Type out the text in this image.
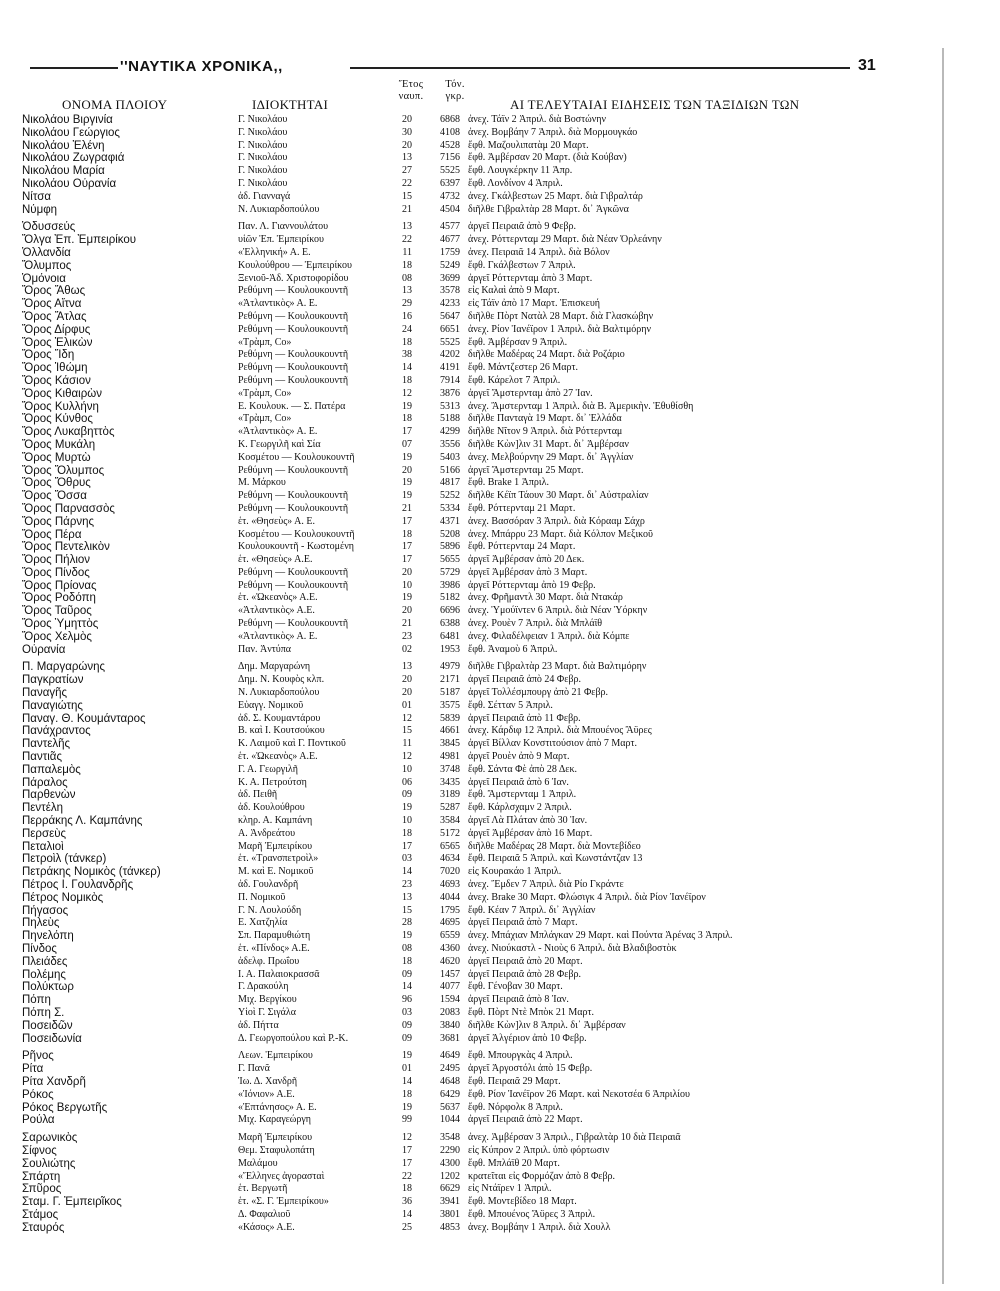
''ΝΑΥΤΙΚΑ ΧΡΟΝΙΚΑ,,	31
ΟΝΟΜΑ ΠΛΟΙΟΥ	ΙΔΙΟΚΤΗΤΑΙ
Ἔτος
ναυπ.
Τόν.
γκρ.
ΑΙ ΤΕΛΕΥΤΑΙΑΙ ΕΙΔΗΣΕΙΣ ΤΩΝ ΤΑΞΙΔΙΩΝ ΤΩΝ
Νικολάου Βιργινία	Γ. Νικολάου	20	6868 ἀνεχ. Τάϊν 2 Ἀπριλ. διὰ Βοστώνην
Νικολάου Γεώργιος	Γ. Νικολάου	30	4108 ἀνεχ. Βομβάην 7 Ἀπριλ. διὰ Μορμουγκάο
Νικολάου Ἑλένη	Γ. Νικολάου	20	4528 ἔφθ. Μαζουλιπατὰμ 20 Μαρτ.
Νικολάου Ζωγραφιά	Γ. Νικολάου	13	7156 ἔφθ. Ἀμβέρσαν 20 Μαρτ. (διὰ Κούβαν)
Νικολάου Μαρία	Γ. Νικολάου	27	5525 ἔφθ. Λουγκέρκην 11 Ἀπρ.
Νικολάου Οὐρανία	Γ. Νικολάου	22	6397 ἔφθ. Λονδίνον 4 Ἀπριλ.
Νίτσα	ἀδ. Γιανναγά	15	4732 ἀνεχ. Γκάλβεστων 25 Μαρτ. διὰ Γιβραλτάρ
Νύμφη	Ν. Λυκιαρδοπούλου	21	4504 διῆλθε Γιβραλτὰρ 28 Μαρτ. δι᾽ Ἀγκῶνα
Ὀδυσσεύς	Παν. Λ. Γιαννουλάτου	13	4577 ἀργεῖ Πειραιᾶ ἀπὸ 9 Φεβρ.
Ὄλγα Ἐπ. Ἐμπειρίκου	υἱῶν Ἐπ. Ἐμπειρίκου	22	4677 ἀνεχ. Ρόττερνταμ 29 Μαρτ. διὰ Νέαν Ὀρλεάνην
Ὀλλανδία	«Ἑλληνική» Α. Ε.	11	1759 ἀνεχ. Πειραιᾶ 14 Ἀπριλ. διὰ Βόλον
Ὄλυμπος	Κουλούθρου — Ἐμπειρίκου	18	5249 ἔφθ. Γκάλβεστων 7 Ἀπριλ.
Ὁμόνοια	Ξενιοῦ-Ἀδ. Χριστοφορίδου	08	3699 ἀργεῖ Ρόττερνταμ ἀπὸ 3 Μαρτ.
Ὄρος Ἄθως	Ρεθύμνη — Κουλουκουντῆ	13	3578 εἰς Καλαὶ ἀπὸ 9 Μαρτ.
Ὄρος Αἴτνα	«Ἀτλαντικὸς» Α. Ε.	29	4233 εἰς Τάϊν ἀπὸ 17 Μαρτ. Ἐπισκευή
Ὄρος Ἄτλας	Ρεθύμνη — Κουλουκουντῆ	16	5647 διῆλθε Πὸρτ Νατὰλ 28 Μαρτ. διὰ Γλασκώβην
Ὄρος Δίρφυς	Ρεθύμνη — Κουλουκουντῆ	24	6651 ἀνεχ. Ρίον Ἰανέϊρον 1 Ἀπριλ. διὰ Βαλτιμόρην
Ὄρος Ἑλικὼν	«Τρὰμπ, Co»	18	5525 ἔφθ. Ἀμβέρσαν 9 Ἀπριλ.
Ὄρος Ἴδη	Ρεθύμνη — Κουλουκουντῆ	38	4202 διῆλθε Μαδέρας 24 Μαρτ. διὰ Ροζάριο
Ὄρος Ἰθώμη	Ρεθύμνη — Κουλουκουντῆ	14	4191 ἔφθ. Μάντζεστερ 26 Μαρτ.
Ὄρος Κάσιον	Ρεθύμνη — Κουλουκουντῆ	18	7914 ἔφθ. Κάρελοτ 7 Ἀπριλ.
Ὄρος Κιθαιρὼν	«Τρὰμπ, Co»	12	3876 ἀργεῖ Ἄμστερνταμ ἀπὸ 27 Ἰαν.
Ὄρος Κυλλήνη	Ε. Κουλουκ. — Σ. Πατέρα	19	5313 ἀνεχ. Ἄμστερνταμ 1 Ἀπριλ. διὰ Β. Ἀμερικὴν. Ἐθυθίσθη
Ὄρος Κύνθος	«Τρὰμπ, Co»	18	5188 διῆλθε Πανταγὰ 19 Μαρτ. δι᾽ Ἑλλάδα
Ὄρος Λυκαβηττὸς	«Ἀτλαντικὸς» Α. Ε.	17	4299 διῆλθε Νῖτον 9 Ἀπριλ. διὰ Ρόττερνταμ
Ὄρος Μυκάλη	Κ. Γεωργιλῆ καὶ Σία	07	3556 διῆλθε Κὼν]λιν 31 Μαρτ. δι᾽ Ἀμβέρσαν
Ὄρος Μυρτὼ	Κοσμέτου — Κουλουκουντῆ	19	5403 ἀνεχ. Μελβούρνην 29 Μαρτ. δι᾽ Ἀγγλίαν
Ὄρος Ὄλυμπος	Ρεθύμνη — Κουλουκουντῆ	20	5166 ἀργεῖ Ἄμστερνταμ 25 Μαρτ.
Ὄρος Ὄθρυς	Μ. Μάρκου	19	4817 ἔφθ. Brake 1 Ἀπριλ.
Ὄρος Ὄσσα	Ρεθύμνη — Κουλουκουντῆ	19	5252 διῆλθε Κέϊπ Τάουν 30 Μαρτ. δι᾽ Αὐστραλίαν
Ὄρος Παρνασσὸς	Ρεθύμνη — Κουλουκουντῆ	21	5334 ἔφθ. Ρόττερνταμ 21 Μαρτ.
Ὄρος Πάρνης	ἑτ. «Θησεὺς» Α. Ε.	17	4371 ἀνεχ. Βασσόραν 3 Ἀπριλ. διὰ Κόρααμ Σάχρ
Ὄρος Πέρα	Κοσμέτου — Κουλουκουντῆ	18	5208 ἀνεχ. Μπάρρυ 23 Μαρτ. διὰ Κόλπον Μεξικοῦ
Ὄρος Πεντελικὸν	Κουλουκουντῆ - Κωστομένη	17	5896 ἔφθ. Ρόττερνταμ 24 Μαρτ.
Ὄρος Πήλιον	ἑτ. «Θησεὺς» Α.Ε.	17	5655 ἀργεῖ Ἀμβέρσαν ἀπὸ 20 Δεκ.
Ὄρος Πίνδος	Ρεθύμνη — Κουλουκουντῆ	20	5729 ἀργεῖ Ἀμβέρσαν ἀπὸ 3 Μαρτ.
Ὄρος Πρίονας	Ρεθύμνη — Κουλουκουντῆ	10	3986 ἀργεῖ Ρόττερνταμ ἀπὸ 19 Φεβρ.
Ὄρος Ροδόπη	ἑτ. «Ὠκεανὸς» Α.Ε.	19	5182 ἀνεχ. Φρῆμαντλ 30 Μαρτ. διὰ Ντακάρ
Ὄρος Ταῦρος	«Ἀτλαντικὸς» Α.Ε.	20	6696 ἀνεχ. Ὑμούϊντεν 6 Ἀπριλ. διὰ Νέαν Ὑόρκην
Ὄρος Ὑμηττὸς	Ρεθύμνη — Κουλουκουντῆ	21	6388 ἀνεχ. Ρουὲν 7 Ἀπριλ. διὰ Μπλάϊθ
Ὄρος Χελμὸς	«Ἀτλαντικὸς» Α. Ε.	23	6481 ἀνεχ. Φιλαδέλφειαν 1 Ἀπριλ. διὰ Κόμπε
Οὐρανία	Παν. Ἀντύπα	02	1953 ἔφθ. Ἀναμοὺ 6 Ἀπριλ.
Π. Μαργαρώνης	Δημ. Μαργαρώνη	13	4979 διῆλθε Γιβραλτὰρ 23 Μαρτ. διὰ Βαλτιμόρην
Παγκρατίων	Δημ. Ν. Κουφὸς κλπ.	20	2171 ἀργεῖ Πειραιᾶ ἀπὸ 24 Φεβρ.
Παναγῆς	Ν. Λυκιαρδοπούλου	20	5187 ἀργεῖ Τολλέσμπουργ ἀπὸ 21 Φεβρ.
Παναγιώτης	Εὐαγγ. Νομικοῦ	01	3575 ἔφθ. Σέτταν 5 Ἀπριλ.
Παναγ. Θ. Κουμάνταρος	ἀδ. Σ. Κουμαντάρου	12	5839 ἀργεῖ Πειραιᾶ ἀπὸ 11 Φεβρ.
Πανάχραντος	Β. καὶ Ι. Κουτσούκου	15	4661 ἀνεχ. Κάρδιφ 12 Ἀπριλ. διὰ Μπουένος Ἄϋρες
Παντελῆς	Κ. Λαιμοῦ καὶ Γ. Ποντικοῦ	11	3845 ἀργεῖ Βίλλαν Κονστιτούσιον ἀπὸ 7 Μαρτ.
Παντιᾶς	ἑτ. «Ὠκεανὸς» Α.Ε.	12	4981 ἀργεῖ Ρουὲν ἀπὸ 9 Μαρτ.
Παπαλεμὸς	Γ. Α. Γεωργιλῆ	10	3748 ἔφθ. Σάντα Φὲ ἀπὸ 28 Δεκ.
Πάραλος	Κ. Α. Πετρούτση	06	3435 ἀργεῖ Πειραιᾶ ἀπὸ 6 Ἰαν.
Παρθενὼν	ἀδ. Πειθῆ	09	3189 ἔφθ. Ἄμστερνταμ 1 Ἀπριλ.
Πεντέλη	ἀδ. Κουλούθρου	19	5287 ἔφθ. Κάρλσχαμν 2 Ἀπριλ.
Περράκης Λ. Καμπάνης	κληρ. Α. Καμπάνη	10	3584 ἀργεῖ Λὰ Πλάταν ἀπὸ 30 Ἰαν.
Περσεὺς	Α. Ἀνδρεάτου	18	5172 ἀργεῖ Ἀμβέρσαν ἀπὸ 16 Μαρτ.
Πεταλιοὶ	Μαρῆ Ἐμπειρίκου	17	6565 διῆλθε Μαδέρας 28 Μαρτ. διὰ Μοντεβίδεο
Πετροὶλ (τάνκερ)	ἑτ. «Τρανσπετροὶλ»	03	4634 ἔφθ. Πειραιᾶ 5 Ἀπριλ. καὶ Κωνστάντζαν 13
Πετράκης Νομικὸς (τάνκερ)	Μ. καὶ Ε. Νομικοῦ	14	7020 εἰς Κουρακάο 1 Ἀπριλ.
Πέτρος Ι. Γουλανδρῆς	ἀδ. Γουλανδρῆ	23	4693 ἀνεχ. Ἔμδεν 7 Ἀπριλ. διὰ Ρίο Γκράντε
Πέτρος Νομικὸς	Π. Νομικοῦ	13	4044 ἀνεχ. Brake 30 Μαρτ. Φλώσιγκ 4 Ἀπριλ. διὰ Ρίον Ἰανέϊρον
Πήγασος	Γ. Ν. Λουλούδη	15	1795 ἔφθ. Κέαν 7 Ἀπριλ. δι᾽ Ἀγγλίαν
Πηλεὺς	Ε. Χατζηλία	28	4695 ἀργεῖ Πειραιᾶ ἀπὸ 7 Μαρτ.
Πηνελόπη	Σπ. Παραμυθιώτη	19	6559 ἀνεχ. Μπάχιαν Μπλάγκαν 29 Μαρτ. καὶ Πούντα Ἀρένας 3 Ἀπριλ.
Πίνδος	ἑτ. «Πίνδος» Α.Ε.	08	4360 ἀνεχ. Νιούκαστλ - Νιοὺς 6 Ἀπριλ. διὰ Βλαδιβοστὸκ
Πλειάδες	ἀδελφ. Πρωΐου	18	4620 ἀργεῖ Πειραιᾶ ἀπὸ 20 Μαρτ.
Πολέμης	Ι. Α. Παλαιοκρασσᾶ	09	1457 ἀργεῖ Πειραιᾶ ἀπὸ 28 Φεβρ.
Πολύκτωρ	Γ. Δρακούλη	14	4077 ἔφθ. Γένοβαν 30 Μαρτ.
Πόπη	Μιχ. Βεργίκου	96	1594 ἀργεῖ Πειραιᾶ ἀπὸ 8 Ἰαν.
Πόπη Σ.	Υἱοὶ Γ. Σιγάλα	03	2083 ἔφθ. Πὸρτ Ντὲ Μπὸκ 21 Μαρτ.
Ποσειδῶν	ἀδ. Πήττα	09	3840 διῆλθε Κὼν]λιν 8 Ἀπριλ. δι᾽ Ἀμβέρσαν
Ποσειδωνία	Δ. Γεωργοπούλου καὶ Ρ.-Κ.	09	3681 ἀργεῖ Ἀλγέριον ἀπὸ 10 Φεβρ.
Ρῆνος	Λεων. Ἐμπειρίκου	19	4649 ἔφθ. Μπουργκὰς 4 Ἀπριλ.
Ρίτα	Γ. Πανᾶ	01	2495 ἀργεῖ Ἀργοστόλι ἀπὸ 15 Φεβρ.
Ρίτα Χανδρῆ	Ἰω. Δ. Χανδρῆ	14	4648 ἔφθ. Πειραιᾶ 29 Μαρτ.
Ρόκος	«Ἰόνιον» Α.Ε.	18	6429 ἔφθ. Ρίον Ἰανέϊρον 26 Μαρτ. καὶ Νεκοτσέα 6 Ἀπριλίου
Ρόκος Βεργωτῆς	«Ἐπτάνησος» Α. Ε.	19	5637 ἔφθ. Νόρφολκ 8 Ἀπριλ.
Ρούλα	Μιχ. Καραγεώργη	99	1044 ἀργεῖ Πειραιᾶ ἀπὸ 22 Μαρτ.
Σαρωνικὸς	Μαρῆ Ἐμπειρίκου	12	3548 ἀνεχ. Ἀμβέρσαν 3 Ἀπριλ., Γιβραλτὰρ 10 διὰ Πειραιᾶ
Σίφνος	Θεμ. Σταφυλοπάτη	17	2290 εἰς Κύπρον 2 Ἀπριλ. ὑπὸ φόρτωσιν
Σουλιώτης	Μαλάμου	17	4300 ἔφθ. Μπλάϊθ 20 Μαρτ.
Σπάρτη	«Ἕλληνες ἀγορασταὶ	22	1202 κρατεῖται εἰς Φορμόζαν ἀπὸ 8 Φεβρ.
Σπῦρος	ἑτ. Βεργωτῆ	18	6629 εἰς Ντάϊρεν 1 Ἀπριλ.
Σταμ. Γ. Ἐμπειρῖκος	ἑτ. «Σ. Γ. Ἐμπειρίκου»	36	3941 ἔφθ. Μοντεβίδεο 18 Μαρτ.
Στάμος	Δ. Φαφαλιοῦ	14	3801 ἔφθ. Μπουένος Ἄϋρες 3 Ἀπριλ.
Σταυρός	«Κάσος» Α.Ε.	25	4853 ἀνεχ. Βομβάην 1 Ἀπριλ. διὰ Χουλλ
